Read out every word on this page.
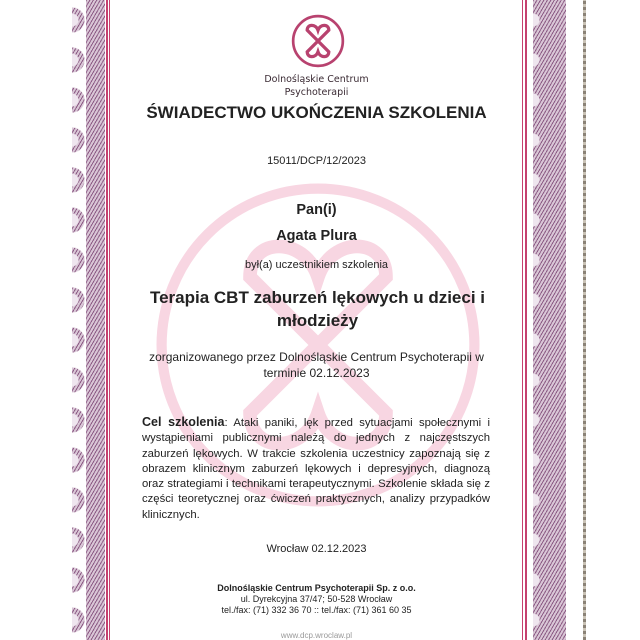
Dolnośląskie Centrum
Psychoterapii
ŚWIADECTWO UKOŃCZENIA SZKOLENIA
15011/DCP/12/2023
Pan(i)
Agata Plura
był(a) uczestnikiem szkolenia
Terapia CBT zaburzeń lękowych u dzieci i młodzieży
zorganizowanego przez Dolnośląskie Centrum Psychoterapii w
terminie 02.12.2023
Cel szkolenia: Ataki paniki, lęk przed sytuacjami społecznymi i wystąpieniami publicznymi należą do jednych z najczęstszych zaburzeń lękowych. W trakcie szkolenia uczestnicy zapoznają się z obrazem klinicznym zaburzeń lękowych i depresyjnych, diagnozą oraz strategiami i technikami terapeutycznymi. Szkolenie składa się z części teoretycznej oraz ćwiczeń praktycznych, analizy przypadków klinicznych.
Wrocław 02.12.2023
Dolnośląskie Centrum Psychoterapii Sp. z o.o.
ul. Dyrekcyjna 37/47; 50-528 Wrocław
tel./fax: (71) 332 36 70 :: tel./fax: (71) 361 60 35
www.dcp.wroclaw.pl
